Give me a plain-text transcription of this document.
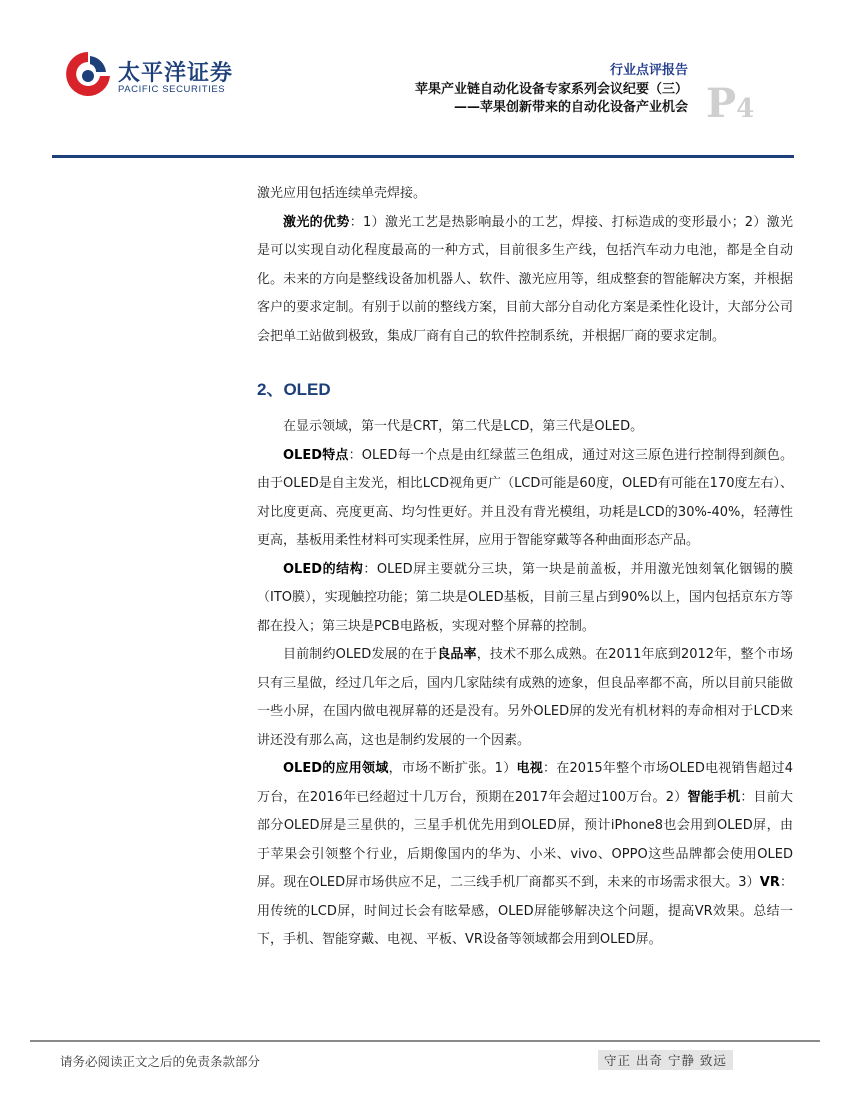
太平洋证券
PACIFIC SECURITIES
行业点评报告
苹果产业链自动化设备专家系列会议纪要（三）
——苹果创新带来的自动化设备产业机会 P4

激光应用包括连续单壳焊接。

激光的优势：1）激光工艺是热影响最小的工艺，焊接、打标造成的变形最小；2）激光是可以实现自动化程度最高的一种方式，目前很多生产线，包括汽车动力电池，都是全自动化。未来的方向是整线设备加机器人、软件、激光应用等，组成整套的智能解决方案，并根据客户的要求定制。有别于以前的整线方案，目前大部分自动化方案是柔性化设计，大部分公司会把单工站做到极致，集成厂商有自己的软件控制系统，并根据厂商的要求定制。

2、OLED

在显示领域，第一代是CRT，第二代是LCD，第三代是OLED。

OLED特点：OLED每一个点是由红绿蓝三色组成，通过对这三原色进行控制得到颜色。由于OLED是自主发光，相比LCD视角更广（LCD可能是60度，OLED有可能在170度左右）、对比度更高、亮度更高、均匀性更好。并且没有背光模组，功耗是LCD的30%-40%，轻薄性更高，基板用柔性材料可实现柔性屏，应用于智能穿戴等各种曲面形态产品。

OLED的结构：OLED屏主要就分三块，第一块是前盖板，并用激光蚀刻氧化铟锡的膜（ITO膜），实现触控功能；第二块是OLED基板，目前三星占到90%以上，国内包括京东方等都在投入；第三块是PCB电路板，实现对整个屏幕的控制。

目前制约OLED发展的在于良品率，技术不那么成熟。在2011年底到2012年，整个市场只有三星做，经过几年之后，国内几家陆续有成熟的迹象，但良品率都不高，所以目前只能做一些小屏，在国内做电视屏幕的还是没有。另外OLED屏的发光有机材料的寿命相对于LCD来讲还没有那么高，这也是制约发展的一个因素。

OLED的应用领域，市场不断扩张。1）电视：在2015年整个市场OLED电视销售超过4万台，在2016年已经超过十几万台，预期在2017年会超过100万台。2）智能手机：目前大部分OLED屏是三星供的，三星手机优先用到OLED屏，预计iPhone8也会用到OLED屏，由于苹果会引领整个行业，后期像国内的华为、小米、vivo、OPPO这些品牌都会使用OLED屏。现在OLED屏市场供应不足，二三线手机厂商都买不到，未来的市场需求很大。3）VR：用传统的LCD屏，时间过长会有眩晕感，OLED屏能够解决这个问题，提高VR效果。总结一下，手机、智能穿戴、电视、平板、VR设备等领域都会用到OLED屏。

请务必阅读正文之后的免责条款部分	守正 出奇 宁静 致远
